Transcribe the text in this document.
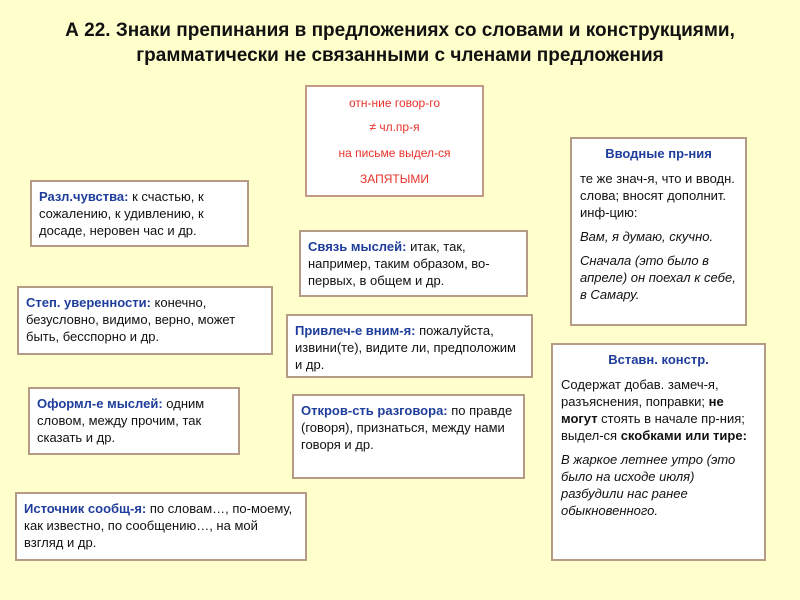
А 22. Знаки препинания в предложениях со словами и конструкциями,
грамматически не связанными с членами предложения
отн-ние говор-го
≠ чл.пр-я
на письме выдел-ся
ЗАПЯТЫМИ
Разл.чувства: к счастью, к сожалению, к удивлению, к досаде, неровен час и др.
Степ. уверенности: конечно, безусловно, видимо, верно, может быть, бесспорно и др.
Оформл-е мыслей: одним словом, между прочим, так сказать и др.
Источник сообщ-я: по словам…, по-моему, как известно, по сообщению…, на мой взгляд и др.
Связь мыслей: итак, так, например, таким образом, во-первых, в общем и др.
Привлеч-е вним-я: пожалуйста, извини(те), видите ли, предположим и др.
Откров-сть разговора: по правде (говоря), признаться, между нами говоря и др.
Вводные пр-ния

те же знач-я, что и вводн. слова; вносят дополнит. инф-цию:

Вам, я думаю, скучно.

Сначала (это было в апреле) он поехал к себе, в Самару.

Вставн. констр.

Содержат добав. замеч-я, разъяснения, поправки; не могут стоять в начале пр-ния; выдел-ся скобками или тире:

В жаркое летнее утро (это было на исходе июля) разбудили нас ранее обыкновенного.
